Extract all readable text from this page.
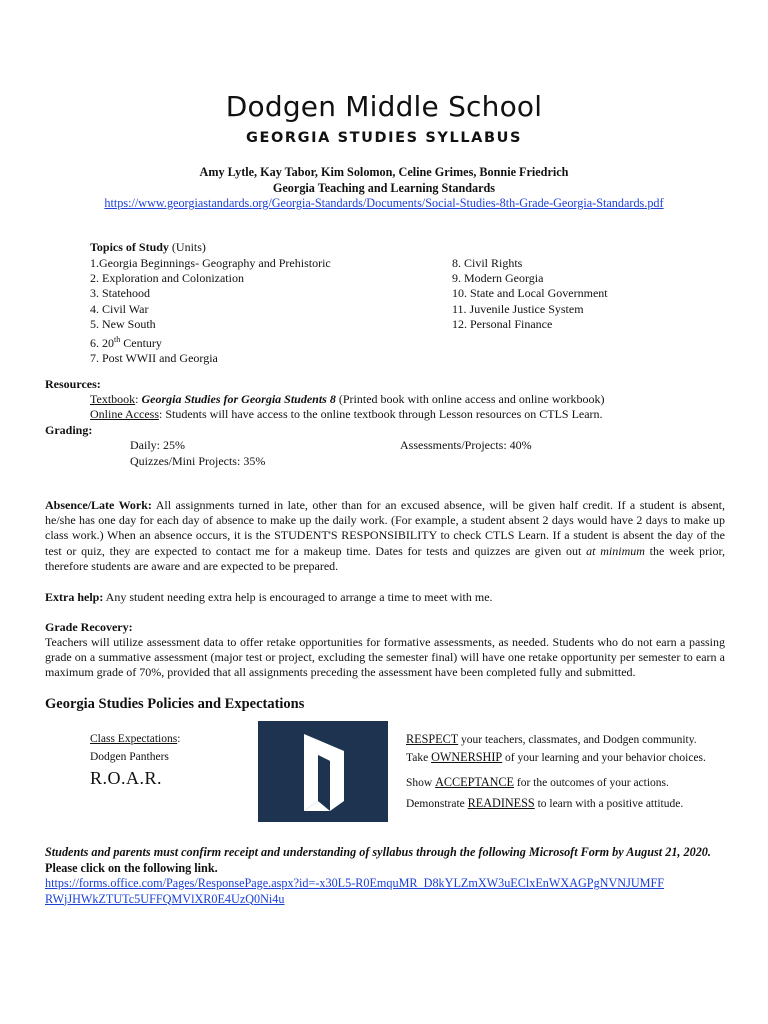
Dodgen Middle School
GEORGIA STUDIES SYLLABUS
Amy Lytle, Kay Tabor, Kim Solomon, Celine Grimes, Bonnie Friedrich
Georgia Teaching and Learning Standards
https://www.georgiastandards.org/Georgia-Standards/Documents/Social-Studies-8th-Grade-Georgia-Standards.pdf
Topics of Study (Units)
1.Georgia Beginnings- Geography and Prehistoric
2. Exploration and Colonization
3. Statehood
4. Civil War
5. New South
6. 20th Century
7. Post WWII and Georgia
8. Civil Rights
9. Modern Georgia
10. State and Local Government
11. Juvenile Justice System
12. Personal Finance
Resources:
Textbook: Georgia Studies for Georgia Students 8 (Printed book with online access and online workbook)
Online Access: Students will have access to the online textbook through Lesson resources on CTLS Learn.
Grading:
Daily: 25%	Assessments/Projects: 40%
Quizzes/Mini Projects: 35%
Absence/Late Work: All assignments turned in late, other than for an excused absence, will be given half credit. If a student is absent, he/she has one day for each day of absence to make up the daily work. (For example, a student absent 2 days would have 2 days to make up class work.) When an absence occurs, it is the STUDENT'S RESPONSIBILITY to check CTLS Learn. If a student is absent the day of the test or quiz, they are expected to contact me for a makeup time. Dates for tests and quizzes are given out at minimum the week prior, therefore students are aware and are expected to be prepared.
Extra help: Any student needing extra help is encouraged to arrange a time to meet with me.
Grade Recovery:
Teachers will utilize assessment data to offer retake opportunities for formative assessments, as needed. Students who do not earn a passing grade on a summative assessment (major test or project, excluding the semester final) will have one retake opportunity per semester to earn a maximum grade of 70%, provided that all assignments preceding the assessment have been completed fully and submitted.
Georgia Studies Policies and Expectations
Class Expectations:
Dodgen Panthers
R.O.A.R.
RESPECT your teachers, classmates, and Dodgen community.
Take OWNERSHIP of your learning and your behavior choices.
Show ACCEPTANCE for the outcomes of your actions.
Demonstrate READINESS to learn with a positive attitude.
Students and parents must confirm receipt and understanding of syllabus through the following Microsoft Form by August 21, 2020. Please click on the following link.
https://forms.office.com/Pages/ResponsePage.aspx?id=-x30L5-R0EmquMR_D8kYLZmXW3uEClxEnWXAGPgNVNJUMFFRWjJHWkZTUTc5UFFQMVlXR0E4UzQ0Ni4u
